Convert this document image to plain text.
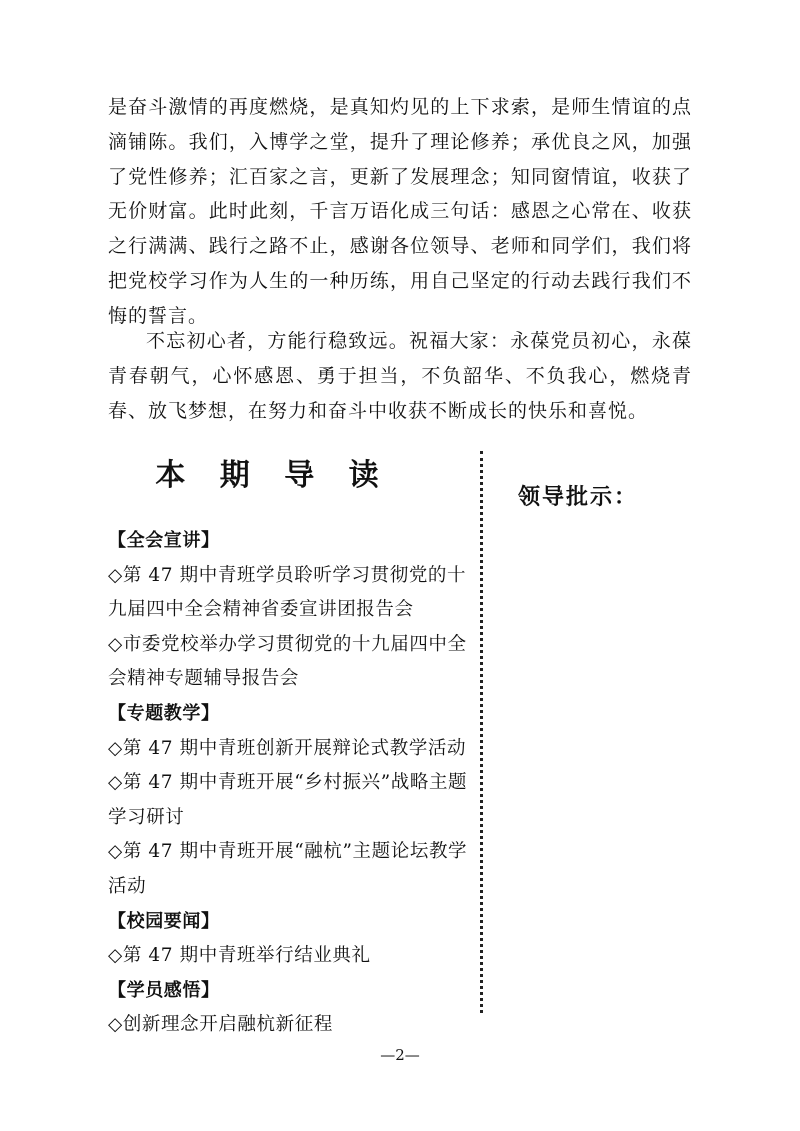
是奋斗激情的再度燃烧，是真知灼见的上下求索，是师生情谊的点滴铺陈。我们，入博学之堂，提升了理论修养；承优良之风，加强了党性修养；汇百家之言，更新了发展理念；知同窗情谊，收获了无价财富。此时此刻，千言万语化成三句话：感恩之心常在、收获之行满满、践行之路不止，感谢各位领导、老师和同学们，我们将把党校学习作为人生的一种历练，用自己坚定的行动去践行我们不悔的誓言。

不忘初心者，方能行稳致远。祝福大家：永葆党员初心，永葆青春朝气，心怀感恩、勇于担当，不负韶华、不负我心，燃烧青春、放飞梦想，在努力和奋斗中收获不断成长的快乐和喜悦。

本 期 导 读
【全会宣讲】
◇第 47 期中青班学员聆听学习贯彻党的十九届四中全会精神省委宣讲团报告会
◇市委党校举办学习贯彻党的十九届四中全会精神专题辅导报告会
【专题教学】
◇第 47 期中青班创新开展辩论式教学活动
◇第 47 期中青班开展“乡村振兴”战略主题学习研讨
◇第 47 期中青班开展“融杭”主题论坛教学活动
【校园要闻】
◇第 47 期中青班举行结业典礼
【学员感悟】
◇创新理念开启融杭新征程
领导批示：
—2—
